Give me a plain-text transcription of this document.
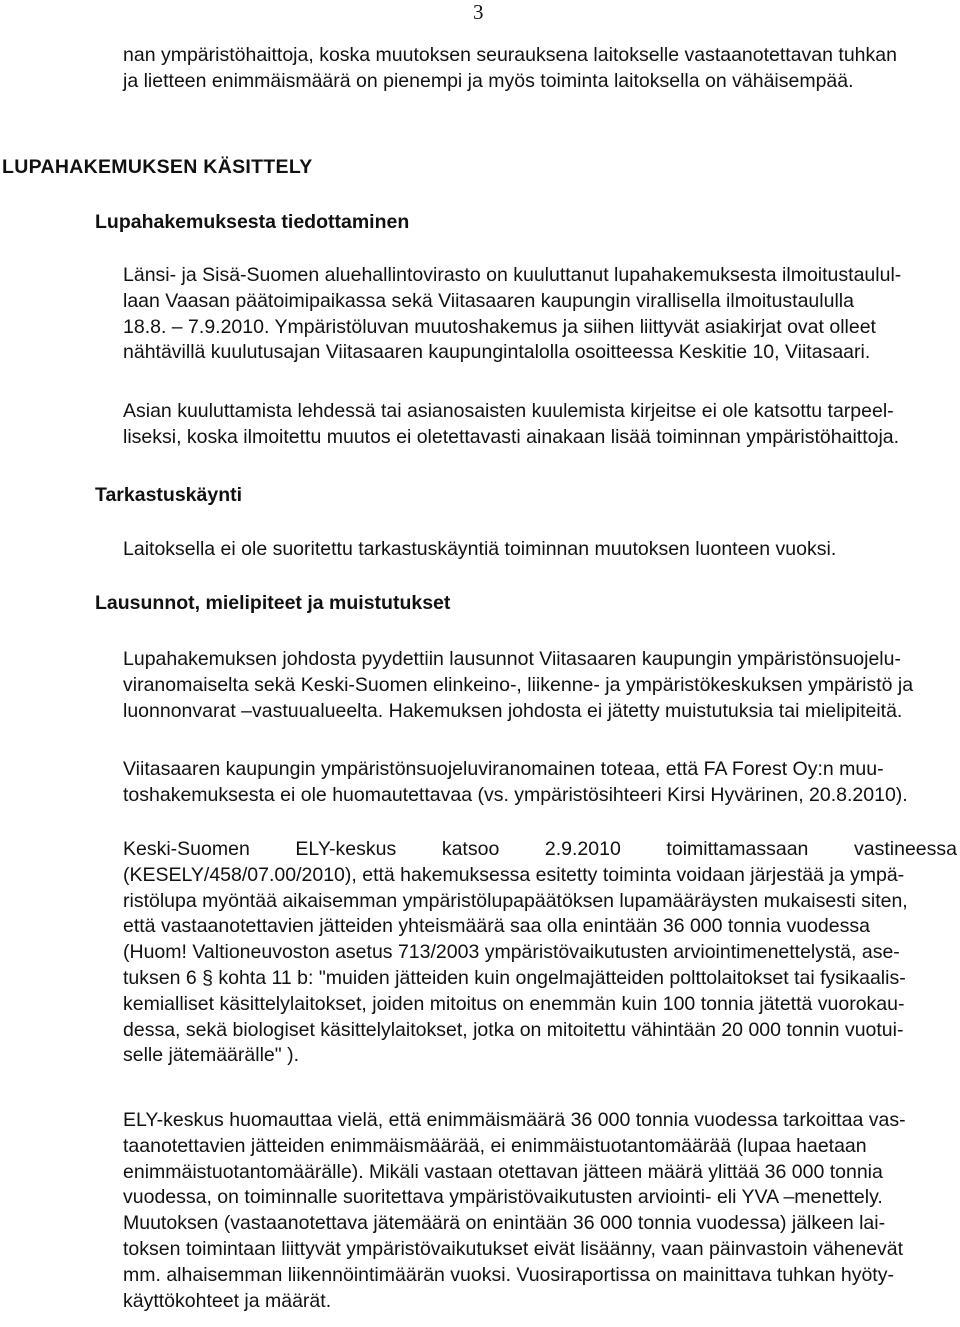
3
nan ympäristöhaittoja, koska muutoksen seurauksena laitokselle vastaanotettavan tuhkan
ja lietteen enimmäismäärä on pienempi ja myös toiminta laitoksella on vähäisempää.
LUPAHAKEMUKSEN KÄSITTELY
Lupahakemuksesta tiedottaminen
Länsi- ja Sisä-Suomen aluehallintovirasto on kuuluttanut lupahakemuksesta ilmoitustaulul-
laan Vaasan päätoimipaikassa sekä Viitasaaren kaupungin virallisella ilmoitustaululla
18.8. – 7.9.2010. Ympäristöluvan muutoshakemus ja siihen liittyvät asiakirjat ovat olleet
nähtävillä kuulutusajan Viitasaaren kaupungintalolla osoitteessa Keskitie 10, Viitasaari.
Asian kuuluttamista lehdessä tai asianosaisten kuulemista kirjeitse ei ole katsottu tarpeel-
liseksi, koska ilmoitettu muutos ei oletettavasti ainakaan lisää toiminnan ympäristöhaittoja.
Tarkastuskäynti
Laitoksella ei ole suoritettu tarkastuskäyntiä toiminnan muutoksen luonteen vuoksi.
Lausunnot, mielipiteet ja muistutukset
Lupahakemuksen johdosta pyydettiin lausunnot Viitasaaren kaupungin ympäristönsuojelu-
viranomaiselta sekä Keski-Suomen elinkeino-, liikenne- ja ympäristökeskuksen ympäristö ja
luonnonvarat –vastuualueelta. Hakemuksen johdosta ei jätetty muistutuksia tai mielipiteitä.
Viitasaaren kaupungin ympäristönsuojeluviranomainen toteaa, että FA Forest Oy:n muu-
toshakemuksesta ei ole huomautettavaa (vs. ympäristösihteeri Kirsi Hyvärinen, 20.8.2010).
Keski-Suomen ELY-keskus katsoo 2.9.2010 toimittamassaan vastineessa
(KESELY/458/07.00/2010), että hakemuksessa esitetty toiminta voidaan järjestää ja ympä-
ristölupa myöntää aikaisemman ympäristölupapäätöksen lupamääräysten mukaisesti siten,
että vastaanotettavien jätteiden yhteismäärä saa olla enintään 36 000 tonnia vuodessa
(Huom! Valtioneuvoston asetus 713/2003 ympäristövaikutusten arviointimenettelystä, ase-
tuksen 6 § kohta 11 b: "muiden jätteiden kuin ongelmajätteiden polttolaitokset tai fysikaalis-
kemialliset käsittelylaitokset, joiden mitoitus on enemmän kuin 100 tonnia jätettä vuorokau-
dessa, sekä biologiset käsittelylaitokset, jotka on mitoitettu vähintään 20 000 tonnin vuotui-
selle jätemäärälle" ).
ELY-keskus huomauttaa vielä, että enimmäismäärä 36 000 tonnia vuodessa tarkoittaa vas-
taanotettavien jätteiden enimmäismäärää, ei enimmäistuotantomäärää (lupaa haetaan
enimmäistuotantomäärälle). Mikäli vastaan otettavan jätteen määrä ylittää 36 000 tonnia
vuodessa, on toiminnalle suoritettava ympäristövaikutusten arviointi- eli YVA –menettely.
Muutoksen (vastaanotettava jätemäärä on enintään 36 000 tonnia vuodessa) jälkeen lai-
toksen toimintaan liittyvät ympäristövaikutukset eivät lisäänny, vaan päinvastoin vähenevät
mm. alhaisemman liikennöintimäärän vuoksi. Vuosiraportissa on mainittava tuhkan hyöty-
käyttökohteet ja määrät.
